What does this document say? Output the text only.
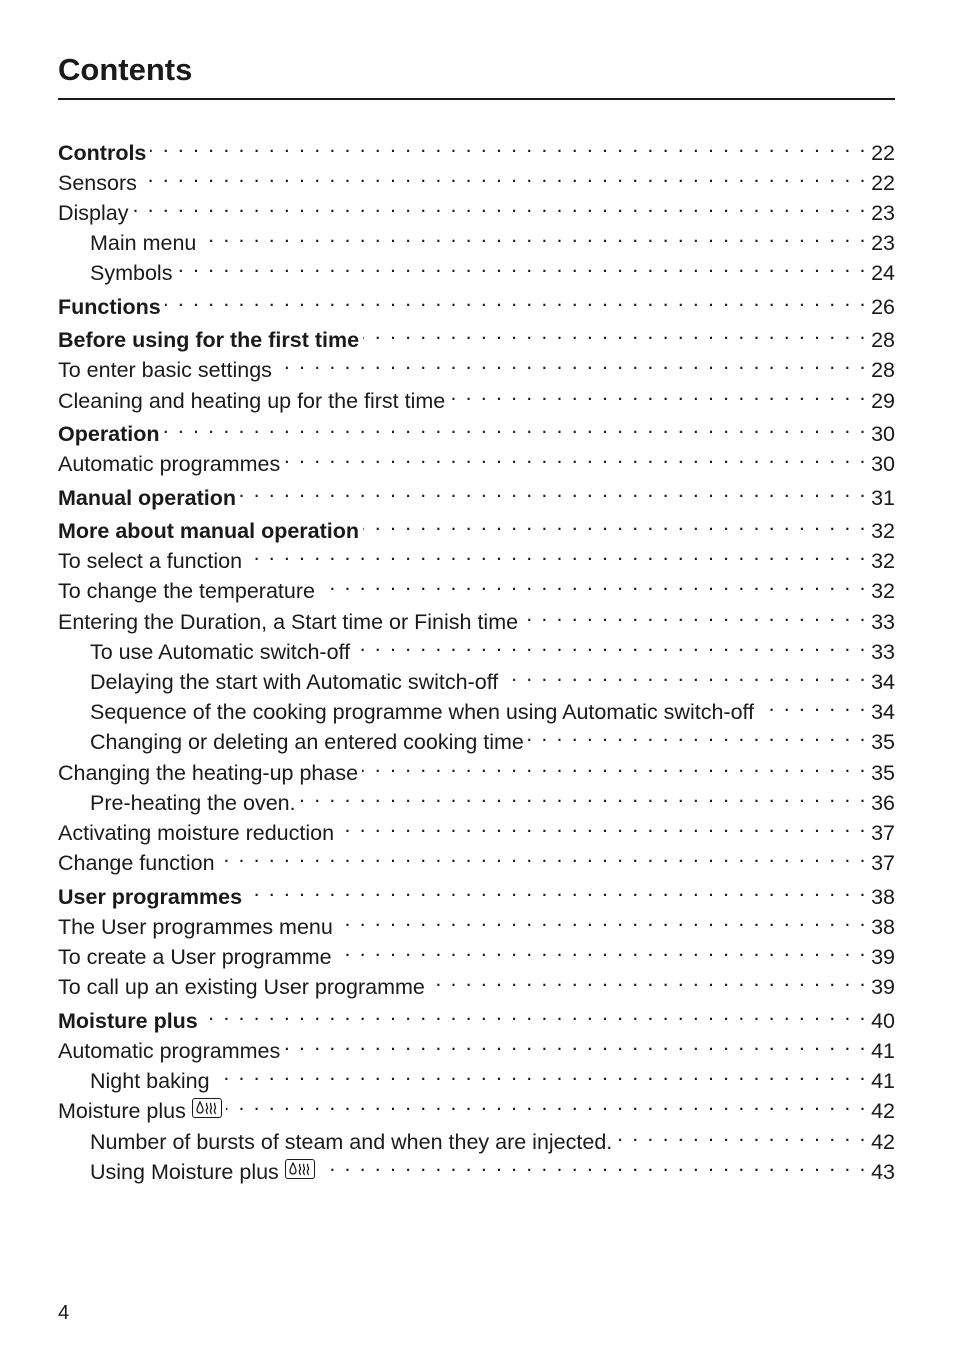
Contents
Controls . . .	22
Sensors . . .	22
Display . . .	23
Main menu . . .	23
Symbols . . .	24
Functions . . .	26
Before using for the first time . . .	28
To enter basic settings . . .	28
Cleaning and heating up for the first time . . .	29
Operation . . .	30
Automatic programmes . . .	30
Manual operation . . .	31
More about manual operation . . .	32
To select a function . . .	32
To change the temperature . . .	32
Entering the Duration, a Start time or Finish time . . .	33
To use Automatic switch-off . . .	33
Delaying the start with Automatic switch-off . . .	34
Sequence of the cooking programme when using Automatic switch-off . . .	34
Changing or deleting an entered cooking time . . .	35
Changing the heating-up phase . . .	35
Pre-heating the oven. . . .	36
Activating moisture reduction . . .	37
Change function . . .	37
User programmes . . .	38
The User programmes menu . . .	38
To create a User programme . . .	39
To call up an existing User programme . . .	39
Moisture plus . . .	40
Automatic programmes . . .	41
Night baking . . .	41
Moisture plus . . .	42
Number of bursts of steam and when they are injected. . . .	42
Using Moisture plus . . .	43
4
